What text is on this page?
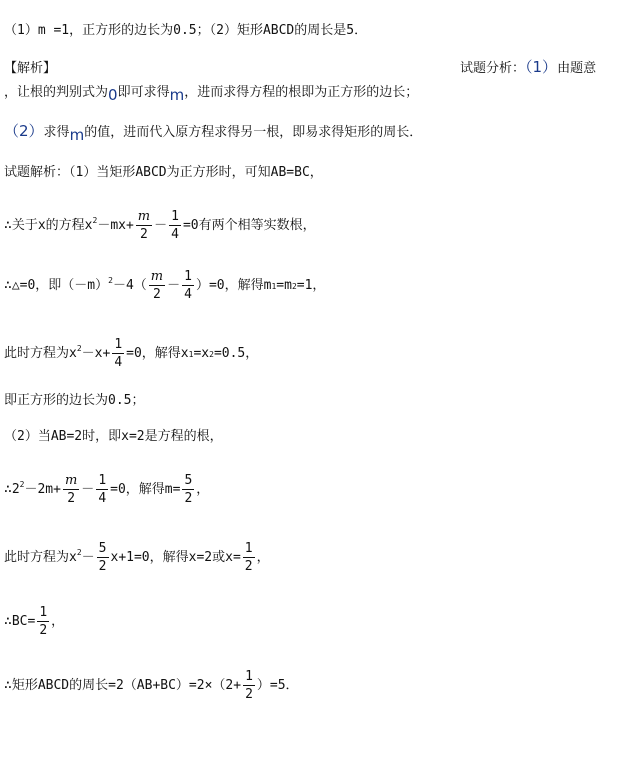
（1）m =1，正方形的边长为0.5；（2）矩形ABCD的周长是5．
【解析】	试题分析：（1）由题意
，让根的判别式为0即可求得m，进而求得方程的根即为正方形的边长；
（2）求得m的值，进而代入原方程求得另一根，即易求得矩形的周长．
试题解析：（1）当矩形ABCD为正方形时，可知AB=BC，
∴关于x的方程$x^2-mx+ \frac{m}{2} - \frac{1}{4} =0$有两个相等实数根，
∴△=0，即$(-m)^2-4( \frac{m}{2} - \frac{1}{4} )=0$，解得m1=m2=1，
此时方程为$x^2-x+ \frac{1}{4} =0$，解得x1=x2=0.5，
即正方形的边长为0.5；
（2）当AB=2时，即x=2是方程的根，
$\therefore 2^2-2m+ \frac{m}{2} - \frac{1}{4} =0$，解得$m= \frac{5}{2}$ ，
此时方程为$x^2- \frac{5}{2} x+1=0$，解得x=2或$x= \frac{1}{2}$ ，
∴BC= $\frac{1}{2}$ ，
∴矩形ABCD的周长$=2(AB+BC)=2\times(2+ \frac{1}{2} )=5$．
